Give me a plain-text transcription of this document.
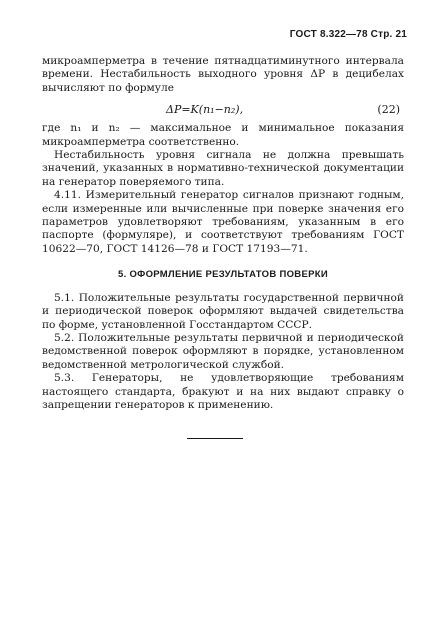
ГОСТ 8.322—78 Стр. 21

микроамперметра в течение пятнадцатиминутного интервала времени. Нестабильность выходного уровня ΔP в децибелах вычисляют по формуле

ΔP=K(n₁−n₂),	(22)

где n₁ и n₂ — максимальное и минимальное показания микроамперметра соответственно.

Нестабильность уровня сигнала не должна превышать значений, указанных в нормативно-технической документации на генератор поверяемого типа.

4.11. Измерительный генератор сигналов признают годным, если измеренные или вычисленные при поверке значения его параметров удовлетворяют требованиям, указанным в его паспорте (формуляре), и соответствуют требованиям ГОСТ 10622—70, ГОСТ 14126—78 и ГОСТ 17193—71.

5. ОФОРМЛЕНИЕ РЕЗУЛЬТАТОВ ПОВЕРКИ

5.1. Положительные результаты государственной первичной и периодической поверок оформляют выдачей свидетельства по форме, установленной Госстандартом СССР.

5.2. Положительные результаты первичной и периодической ведомственной поверок оформляют в порядке, установленном ведомственной метрологической службой.

5.3. Генераторы, не удовлетворяющие требованиям настоящего стандарта, бракуют и на них выдают справку о запрещении генераторов к применению.
